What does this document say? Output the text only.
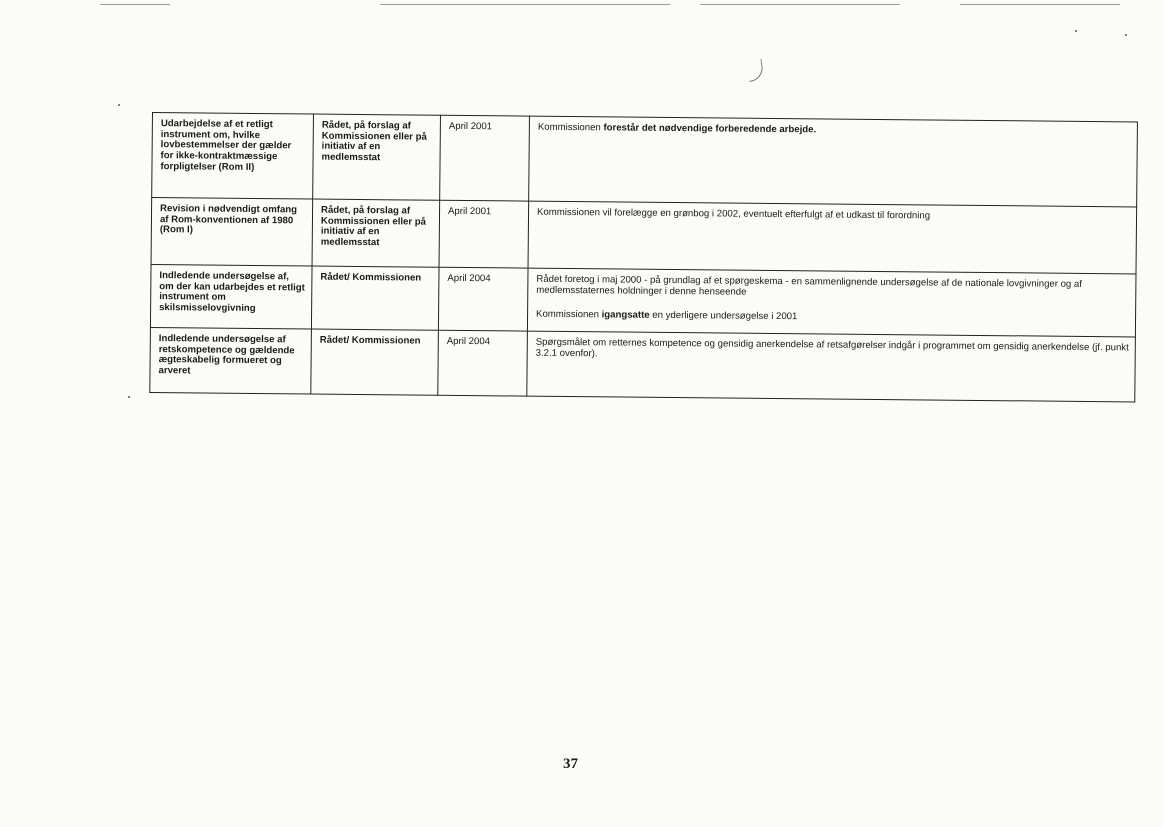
Udarbejdelse af et retligt instrument om, hvilke lovbestemmelser der gælder for ikke-kontraktmæssige forpligtelser (Rom II)	Rådet, på forslag af Kommissionen eller på initiativ af en medlemsstat	April 2001	Kommissionen forestår det nødvendige forberedende arbejde.
Revision i nødvendigt omfang af Rom-konventionen af 1980 (Rom I)	Rådet, på forslag af Kommissionen eller på initiativ af en medlemsstat	April 2001	Kommissionen vil forelægge en grønbog i 2002, eventuelt efterfulgt af et udkast til forordning
Indledende undersøgelse af, om der kan udarbejdes et retligt instrument om skilsmisselovgivning	Rådet/ Kommissionen	April 2004	Rådet foretog i maj 2000 - på grundlag af et spørgeskema - en sammenlignende undersøgelse af de nationale lovgivninger og af medlemsstaternes holdninger i denne henseende
Kommissionen igangsatte en yderligere undersøgelse i 2001

Indledende undersøgelse af retskompetence og gældende ægteskabelig formueret og arveret	Rådet/ Kommissionen	April 2004	Spørgsmålet om retternes kompetence og gensidig anerkendelse af retsafgørelser indgår i programmet om gensidig anerkendelse (jf. punkt 3.2.1 ovenfor).
37
